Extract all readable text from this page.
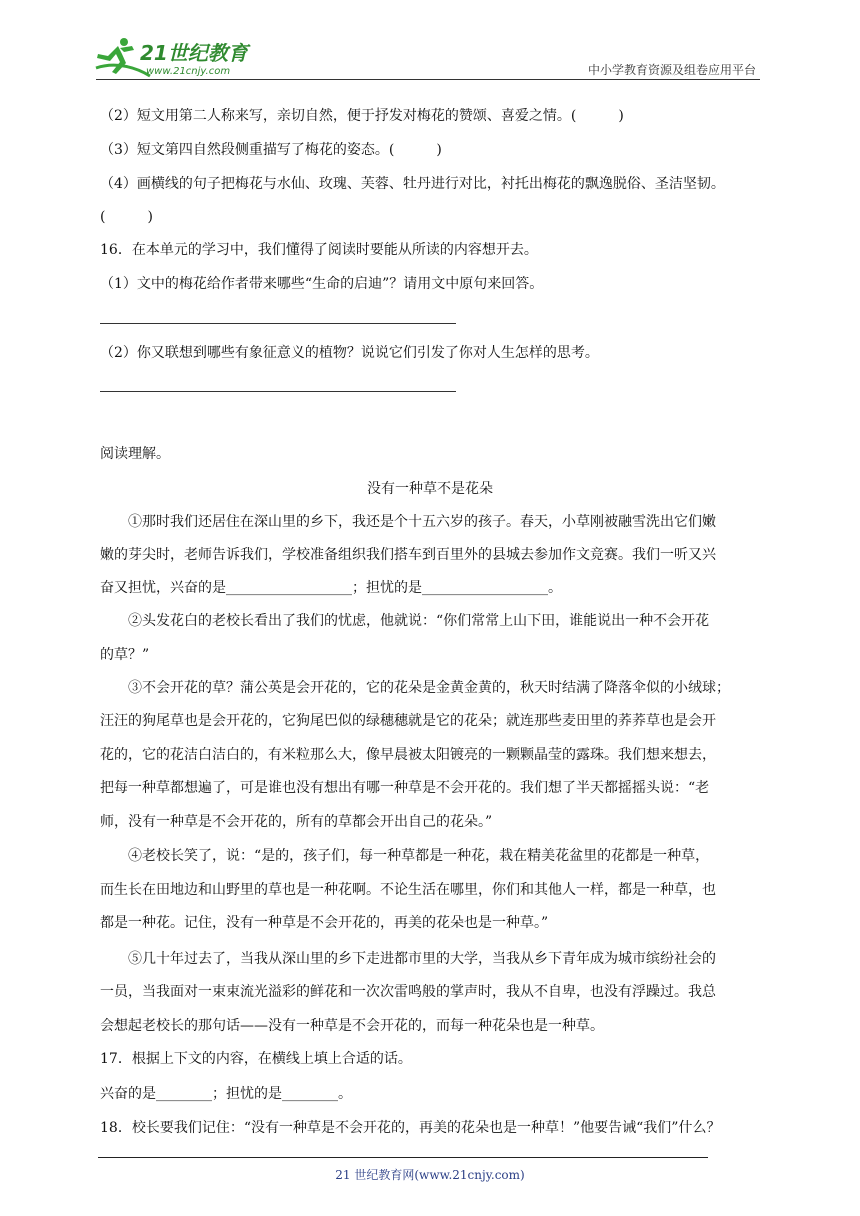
21世纪教育
www.21cnjy.com	中小学教育资源及组卷应用平台
（2）短文用第二人称来写，亲切自然，便于抒发对梅花的赞颂、喜爱之情。(　　　)
（3）短文第四自然段侧重描写了梅花的姿态。(　　　)
（4）画横线的句子把梅花与水仙、玫瑰、芙蓉、牡丹进行对比，衬托出梅花的飘逸脱俗、圣洁坚韧。
(　　　)
16．在本单元的学习中，我们懂得了阅读时要能从所读的内容想开去。
（1）文中的梅花给作者带来哪些“生命的启迪”？请用文中原句来回答。
（2）你又联想到哪些有象征意义的植物？说说它们引发了你对人生怎样的思考。
阅读理解。
没有一种草不是花朵
①那时我们还居住在深山里的乡下，我还是个十五六岁的孩子。春天，小草刚被融雪洗出它们嫩
嫩的芽尖时，老师告诉我们，学校准备组织我们搭车到百里外的县城去参加作文竞赛。我们一听又兴
奋又担忧，兴奋的是__________________；担忧的是__________________。
②头发花白的老校长看出了我们的忧虑，他就说：“你们常常上山下田，谁能说出一种不会开花
的草？”
③不会开花的草？蒲公英是会开花的，它的花朵是金黄金黄的，秋天时结满了降落伞似的小绒球；
汪汪的狗尾草也是会开花的，它狗尾巴似的绿穗穗就是它的花朵；就连那些麦田里的荞荞草也是会开
花的，它的花洁白洁白的，有米粒那么大，像早晨被太阳镀亮的一颗颗晶莹的露珠。我们想来想去，
把每一种草都想遍了，可是谁也没有想出有哪一种草是不会开花的。我们想了半天都摇摇头说：“老
师，没有一种草是不会开花的，所有的草都会开出自己的花朵。”
④老校长笑了，说：“是的，孩子们，每一种草都是一种花，栽在精美花盆里的花都是一种草，
而生长在田地边和山野里的草也是一种花啊。不论生活在哪里，你们和其他人一样，都是一种草，也
都是一种花。记住，没有一种草是不会开花的，再美的花朵也是一种草。”
⑤几十年过去了，当我从深山里的乡下走进都市里的大学，当我从乡下青年成为城市缤纷社会的
一员，当我面对一束束流光溢彩的鲜花和一次次雷鸣般的掌声时，我从不自卑，也没有浮躁过。我总
会想起老校长的那句话——没有一种草是不会开花的，而每一种花朵也是一种草。
17．根据上下文的内容，在横线上填上合适的话。
兴奋的是________；担忧的是________。
18．校长要我们记住：“没有一种草是不会开花的，再美的花朵也是一种草！”他要告诫“我们”什么？
21 世纪教育网(www.21cnjy.com)
